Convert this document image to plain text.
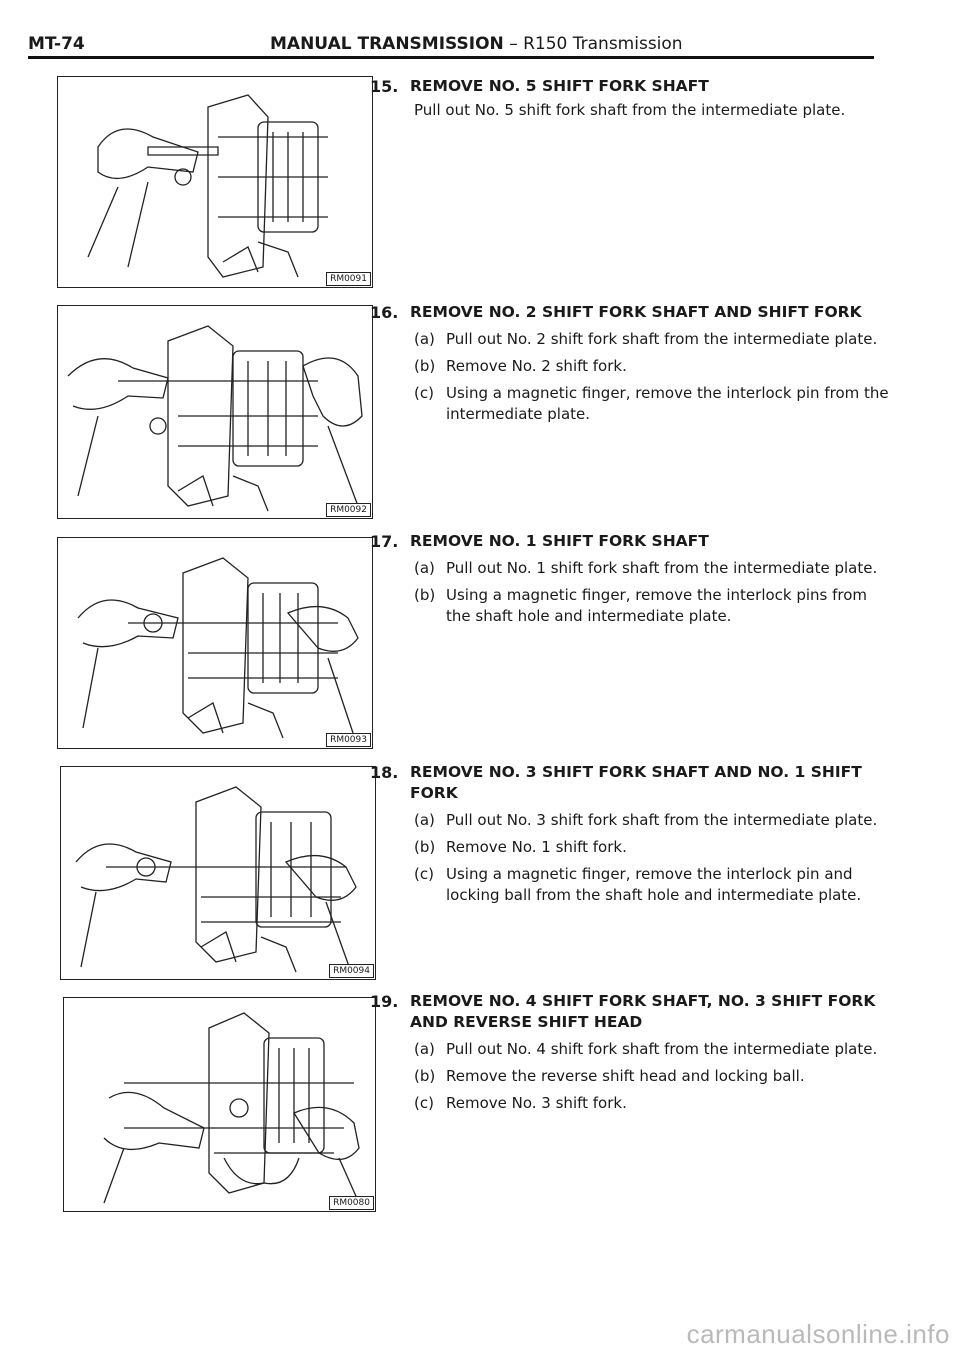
MT-74	MANUAL TRANSMISSION – R150 Transmission
RM0091
RM0092
RM0093
RM0094
RM0080
15. REMOVE NO. 5 SHIFT FORK SHAFT

Pull out No. 5 shift fork shaft from the intermediate plate.

16. REMOVE NO. 2 SHIFT FORK SHAFT AND SHIFT FORK
(a) Pull out No. 2 shift fork shaft from the intermediate plate.
(b) Remove No. 2 shift fork.
(c) Using a magnetic finger, remove the interlock pin from the intermediate plate.
17. REMOVE NO. 1 SHIFT FORK SHAFT
(a) Pull out No. 1 shift fork shaft from the intermediate plate.
(b) Using a magnetic finger, remove the interlock pins from the shaft hole and intermediate plate.
18. REMOVE NO. 3 SHIFT FORK SHAFT AND NO. 1 SHIFT FORK
(a) Pull out No. 3 shift fork shaft from the intermediate plate.
(b) Remove No. 1 shift fork.
(c) Using a magnetic finger, remove the interlock pin and locking ball from the shaft hole and intermediate plate.
19. REMOVE NO. 4 SHIFT FORK SHAFT, NO. 3 SHIFT FORK AND REVERSE SHIFT HEAD
(a) Pull out No. 4 shift fork shaft from the intermediate plate.
(b) Remove the reverse shift head and locking ball.
(c) Remove No. 3 shift fork.
carmanualsonline.info
